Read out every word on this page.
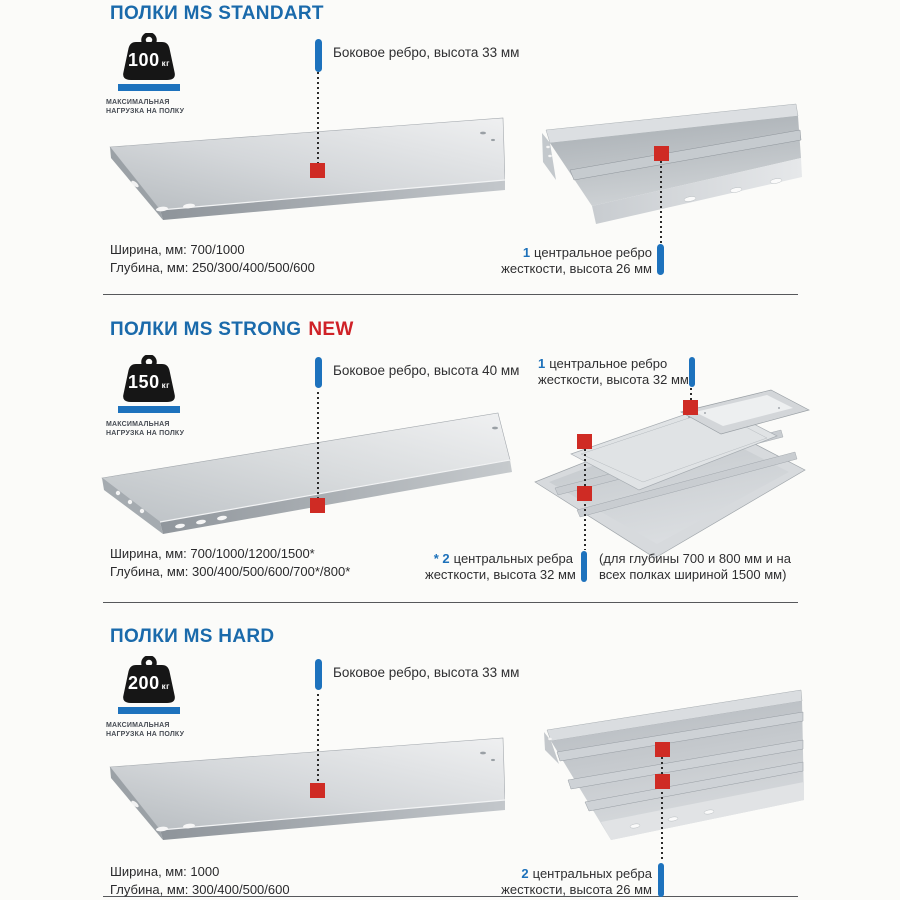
ПОЛКИ MS STANDART
100 кг
МАКСИМАЛЬНАЯ НАГРУЗКА НА ПОЛКУ
Боковое ребро, высота 33 мм
Ширина, мм: 700/1000
Глубина, мм: 250/300/400/500/600
1 центральное ребро
жесткости, высота 26 мм
ПОЛКИ MS STRONG NEW
150 кг
МАКСИМАЛЬНАЯ НАГРУЗКА НА ПОЛКУ
Боковое ребро, высота 40 мм 1 центральное ребро
жесткости, высота 32 мм
* 2 центральных ребра
жесткости, высота 32 мм
(для глубины 700 и 800 мм и на
всех полках шириной 1500 мм)
Ширина, мм: 700/1000/1200/1500*
Глубина, мм: 300/400/500/600/700*/800*
ПОЛКИ MS HARD
200 кг
МАКСИМАЛЬНАЯ НАГРУЗКА НА ПОЛКУ
Боковое ребро, высота 33 мм
Ширина, мм: 1000
Глубина, мм: 300/400/500/600
2 центральных ребра
жесткости, высота 26 мм
